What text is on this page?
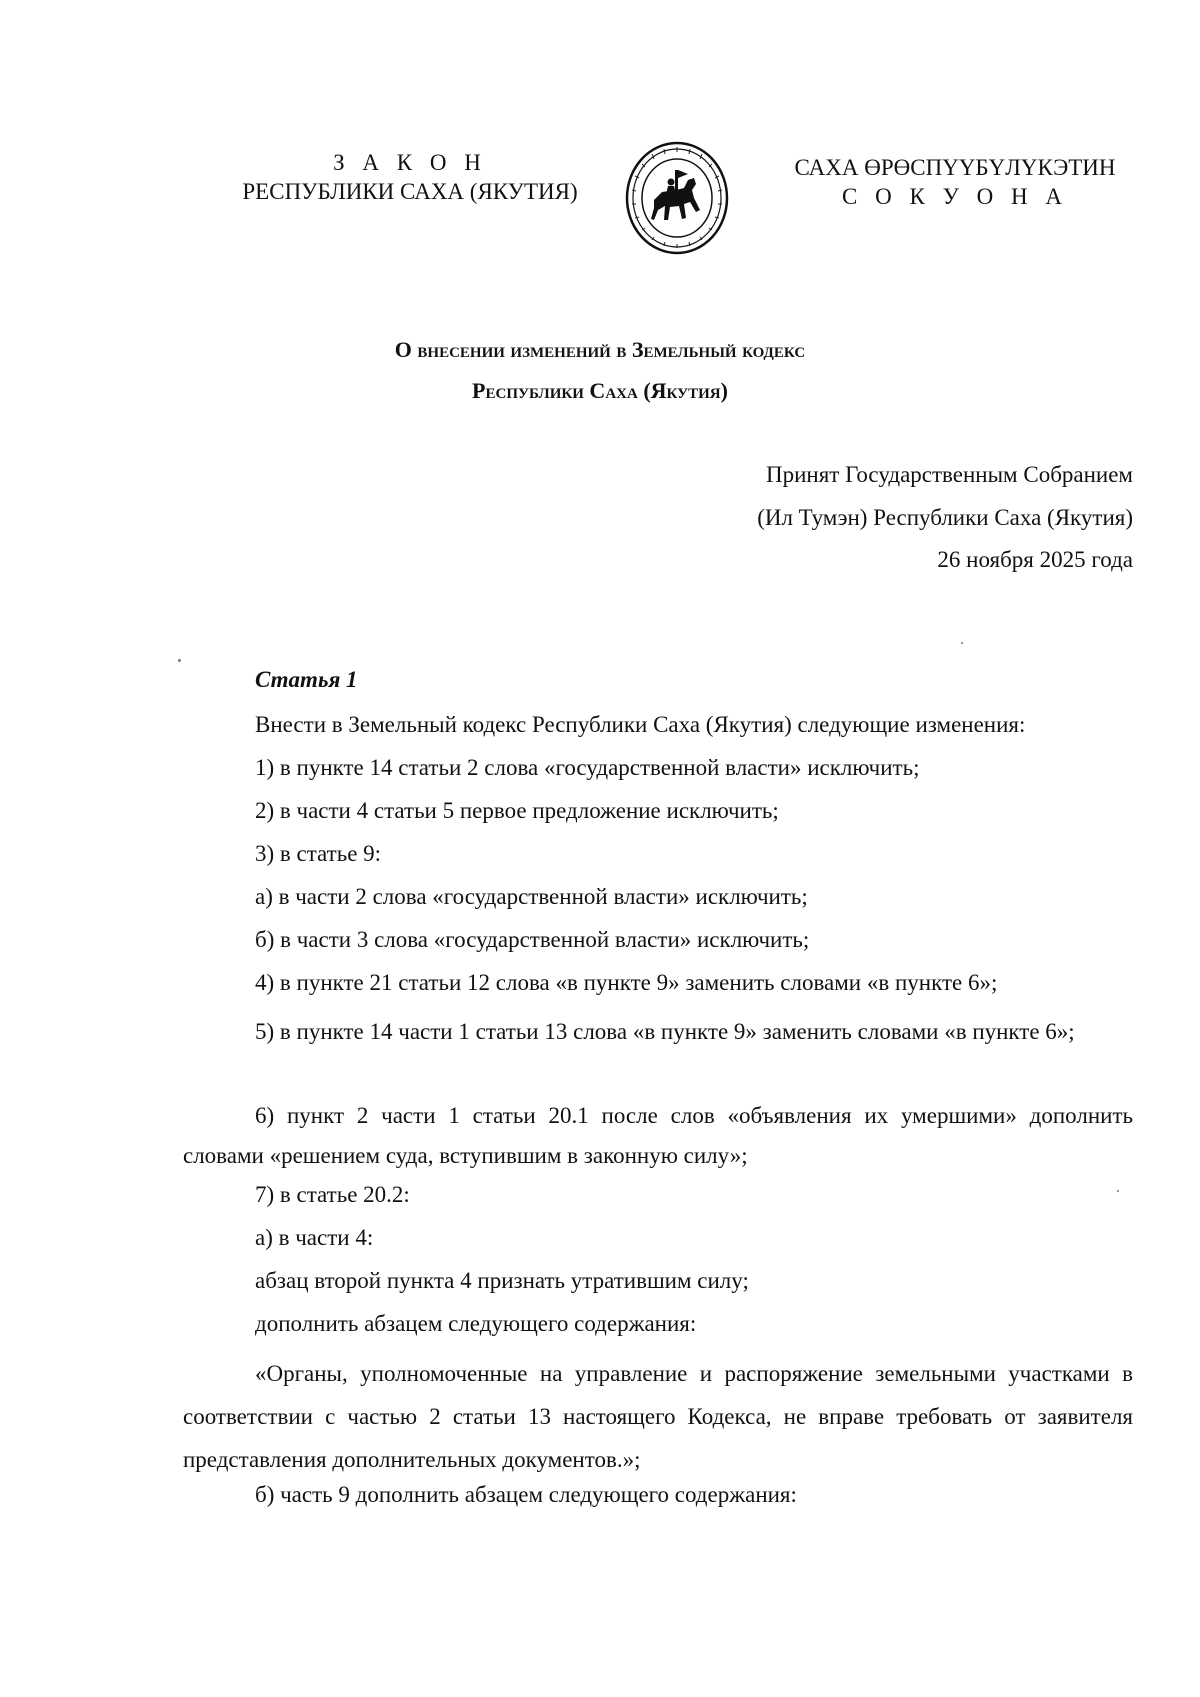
З А К О Н
РЕСПУБЛИКИ САХА (ЯКУТИЯ)
САХА ӨРӨСПҮҮБҮЛҮКЭТИН
С О К У О Н А
О внесении изменений в Земельный кодекс
Республики Саха (Якутия)
Принят Государственным Собранием
(Ил Тумэн) Республики Саха (Якутия)
26 ноября 2025 года
Статья 1
Внести в Земельный кодекс Республики Саха (Якутия) следующие изменения:
1) в пункте 14 статьи 2 слова «государственной власти» исключить;
2) в части 4 статьи 5 первое предложение исключить;
3) в статье 9:
а) в части 2 слова «государственной власти» исключить;
б) в части 3 слова «государственной власти» исключить;
4) в пункте 21 статьи 12 слова «в пункте 9» заменить словами «в пункте 6»;
5) в пункте 14 части 1 статьи 13 слова «в пункте 9» заменить словами «в пункте 6»;
6) пункт 2 части 1 статьи 20.1 после слов «объявления их умершими» дополнить словами «решением суда, вступившим в законную силу»;
7) в статье 20.2:
а) в части 4:
абзац второй пункта 4 признать утратившим силу;
дополнить абзацем следующего содержания:
«Органы, уполномоченные на управление и распоряжение земельными участками в соответствии с частью 2 статьи 13 настоящего Кодекса, не вправе требовать от заявителя представления дополнительных документов.»;
б) часть 9 дополнить абзацем следующего содержания:
